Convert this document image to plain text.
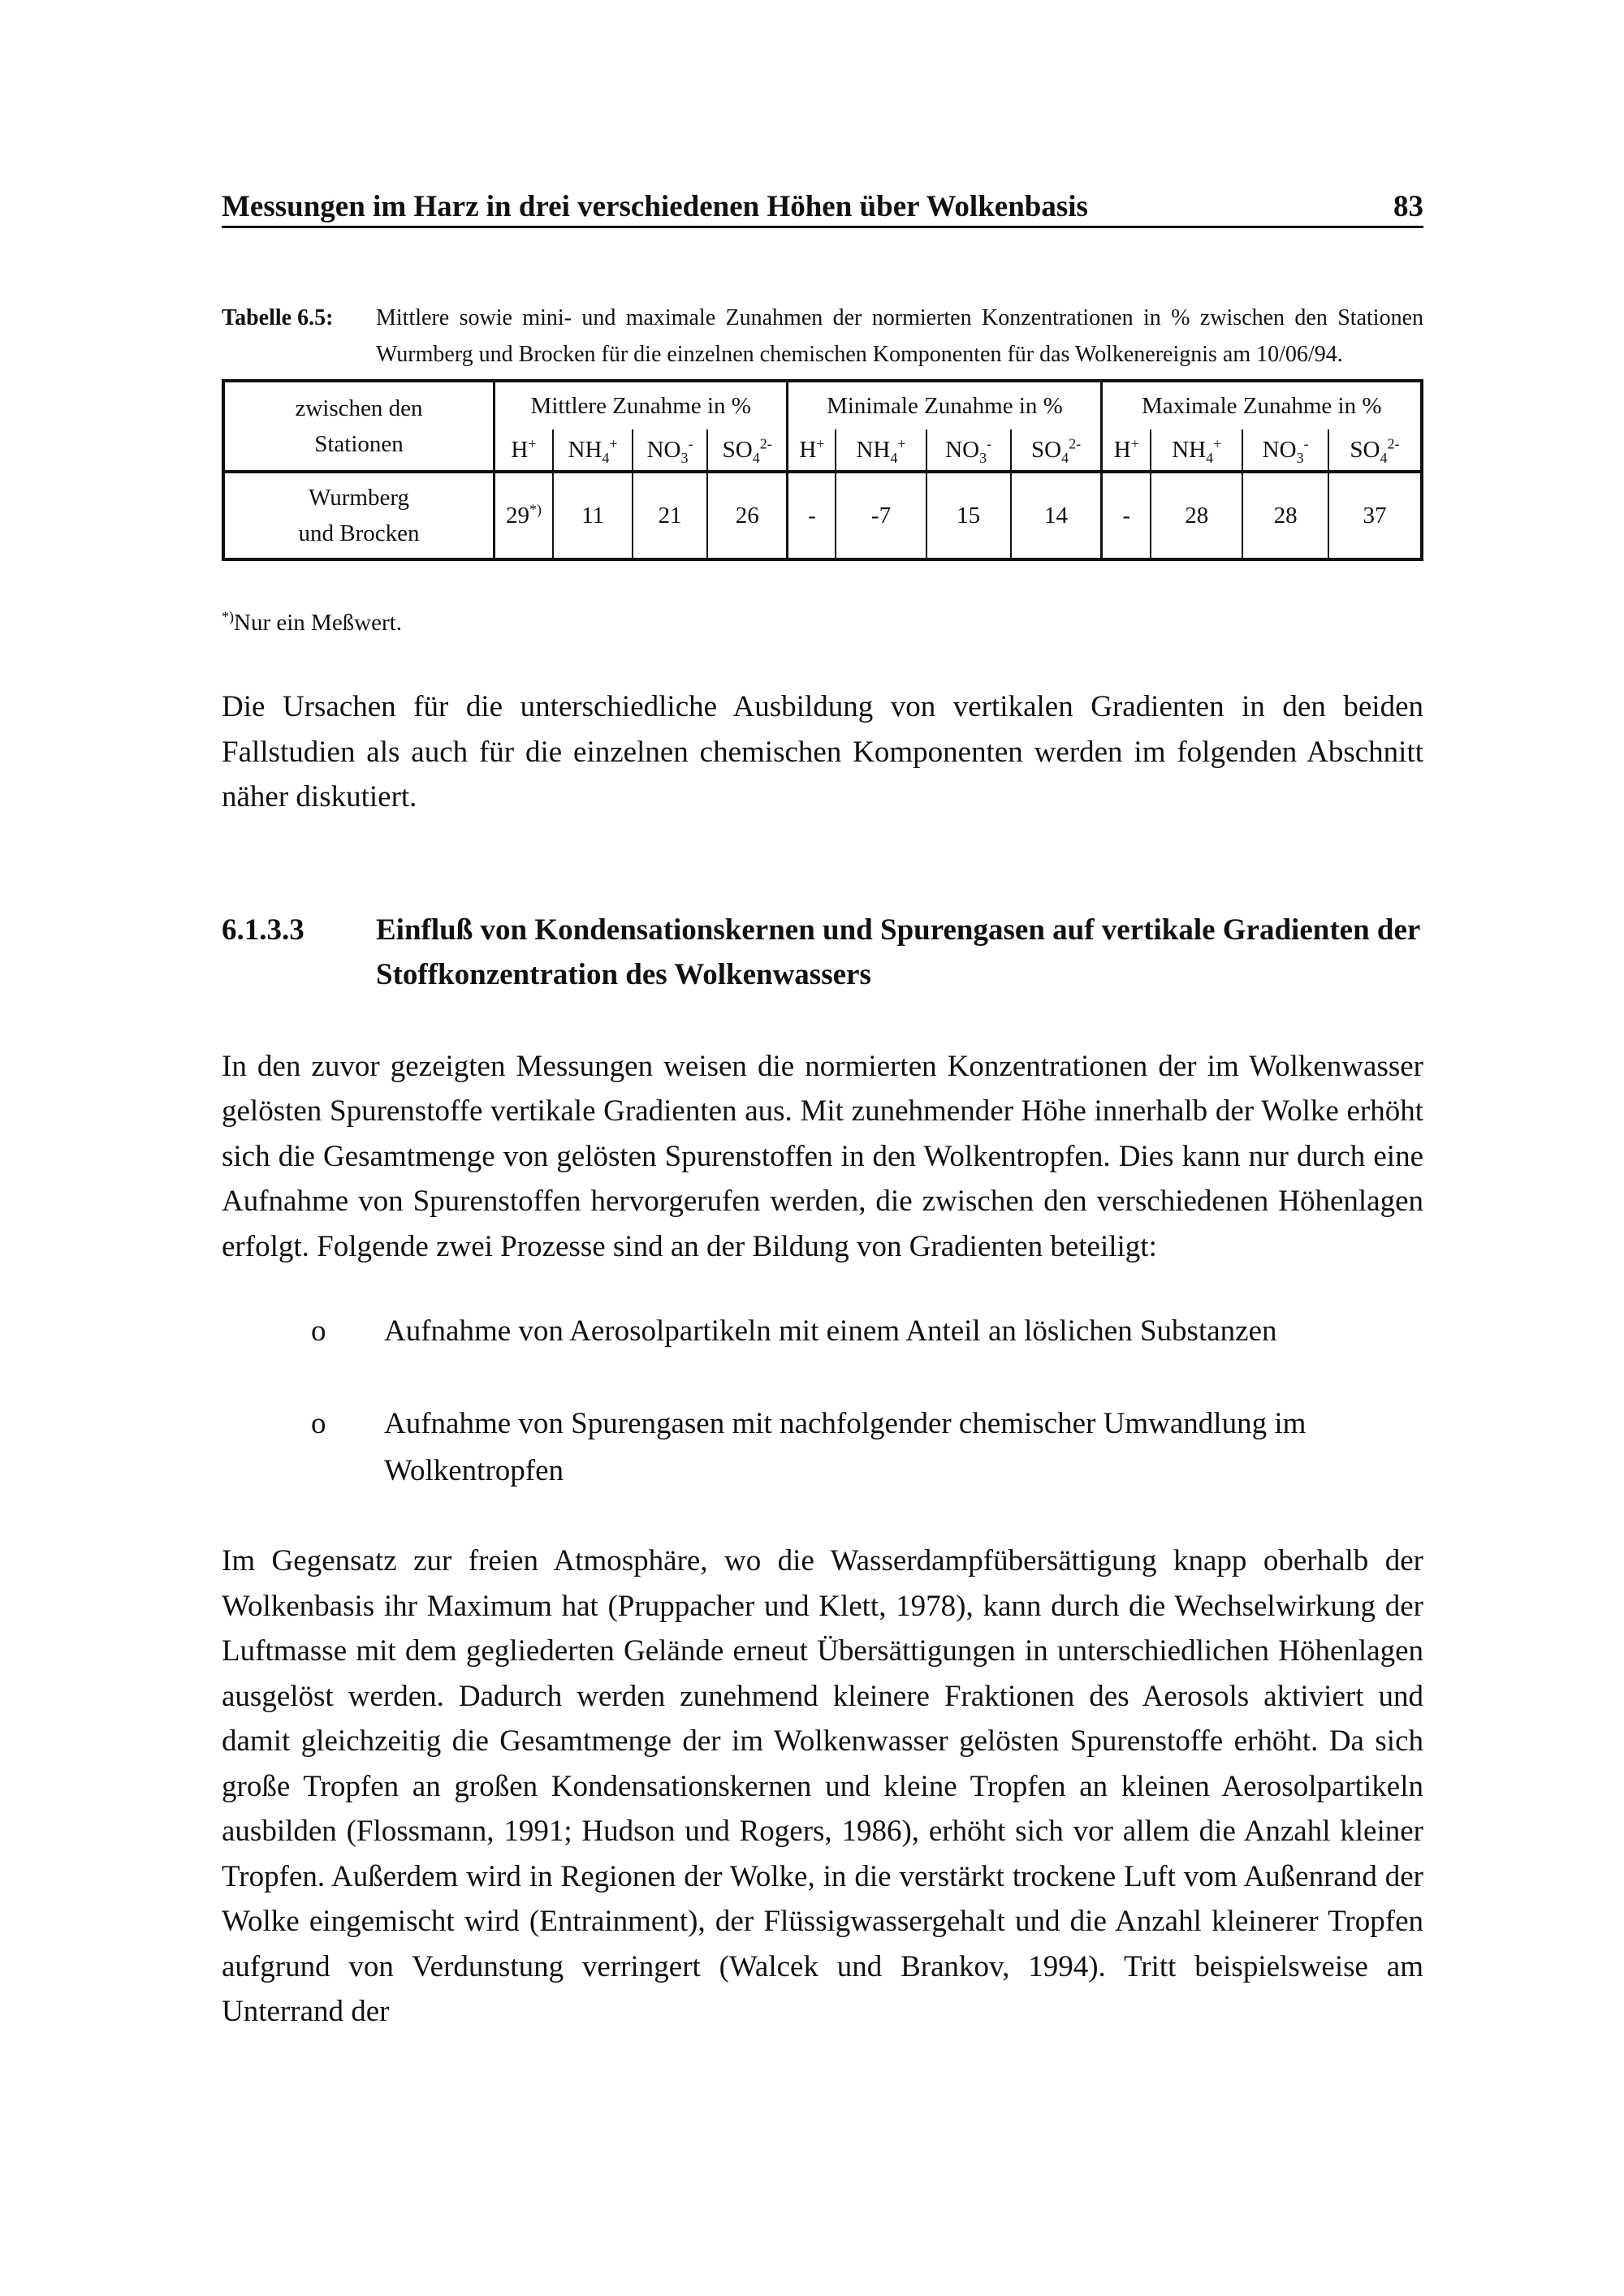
Messungen im Harz in drei verschiedenen Höhen über Wolkenbasis	83
Tabelle 6.5:	Mittlere sowie mini- und maximale Zunahmen der normierten Konzentrationen in % zwischen den Stationen Wurmberg und Brocken für die einzelnen chemischen Komponenten für das Wolkenereignis am 10/06/94.
zwischen den
Stationen	Mittlere Zunahme in %				Minimale Zunahme in %				Maximale Zunahme in %			
	H+	$NH_4^+$	$NO_3^-$	$SO_4^{2-}$	H+	$NH_4^+$	$NO_3^-$	$SO_4^{2-}$	H+	$NH_4^+$	$NO_3^-$	$SO_4^{2-}$
Wurmberg
und Brocken	29*)	11	21	26	-	-7	15	14	-	28	28	37
*)Nur ein Meßwert.
Die Ursachen für die unterschiedliche Ausbildung von vertikalen Gradienten in den beiden Fallstudien als auch für die einzelnen chemischen Komponenten werden im folgenden Abschnitt näher diskutiert.
6.1.3.3	Einfluß von Kondensationskernen und Spurengasen auf vertikale Gradienten der Stoffkonzentration des Wolkenwassers
In den zuvor gezeigten Messungen weisen die normierten Konzentrationen der im Wolkenwasser gelösten Spurenstoffe vertikale Gradienten aus. Mit zunehmender Höhe innerhalb der Wolke erhöht sich die Gesamtmenge von gelösten Spurenstoffen in den Wolkentropfen. Dies kann nur durch eine Aufnahme von Spurenstoffen hervorgerufen werden, die zwischen den verschiedenen Höhenlagen erfolgt. Folgende zwei Prozesse sind an der Bildung von Gradienten beteiligt:
o	Aufnahme von Aerosolpartikeln mit einem Anteil an löslichen Substanzen
o	Aufnahme von Spurengasen mit nachfolgender chemischer Umwandlung im Wolkentropfen
Im Gegensatz zur freien Atmosphäre, wo die Wasserdampfübersättigung knapp oberhalb der Wolkenbasis ihr Maximum hat (Pruppacher und Klett, 1978), kann durch die Wechselwirkung der Luftmasse mit dem gegliederten Gelände erneut Übersättigungen in unterschiedlichen Höhenlagen ausgelöst werden. Dadurch werden zunehmend kleinere Fraktionen des Aerosols aktiviert und damit gleichzeitig die Gesamtmenge der im Wolkenwasser gelösten Spurenstoffe erhöht. Da sich große Tropfen an großen Kondensationskernen und kleine Tropfen an kleinen Aerosolpartikeln ausbilden (Flossmann, 1991; Hudson und Rogers, 1986), erhöht sich vor allem die Anzahl kleiner Tropfen. Außerdem wird in Regionen der Wolke, in die verstärkt trockene Luft vom Außenrand der Wolke eingemischt wird (Entrainment), der Flüssigwassergehalt und die Anzahl kleinerer Tropfen aufgrund von Verdunstung verringert (Walcek und Brankov, 1994). Tritt beispielsweise am Unterrand der
